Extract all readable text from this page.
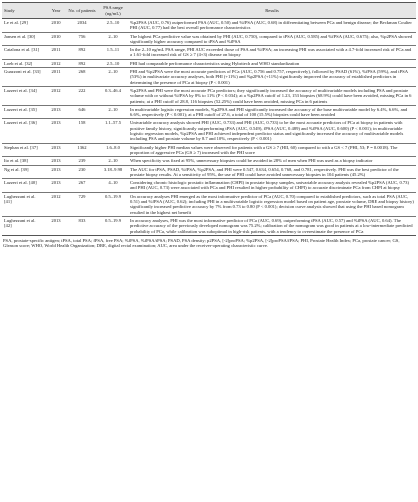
Study	Year	No. of patients	PSA range (ng/mL)	Results
Le et al. [29]	2010	2034	2.5–10	%p2PSA (AUC, 0.76) outperformed PSA (AUC, 0.50) and %fPSA (AUC, 0.68) in differentiating between PCa and benign disease; the Beckman Coulter PHI (AUC, 0.77) had the best overall performance characteristics
Jansen et al. [30]	2010	756	2–10	The highest PCa predictive value was obtained by PHI (AUC, 0.750), compared to tPSA (AUC, 0.585) and %fPSA (AUC, 0.675); also, %p2PSA showed significantly higher accuracy compared to tPSA and %fPSA
Catalona et al. [31]	2011	892	1.5–11	In the 2–10 ng/mL PSA range, PHI AUC exceeded those of PSA and %fPSA; an increasing PHI was associated with a 4.7-fold increased risk of PCa and a 1.61-fold increased risk of GS ≥ 7 (4+3) disease on biopsy
Loeb et al. [32]	2012	892	2.5–10	PHI had comparable performance characteristics using Hybritech and WHO standardization
Guazzoni et al. [33]	2011	268	2–10	PHI and %p2PSA were the most accurate predictors of PCa (AUC, 0.756 and 0.757, respectively), followed by PSAD (61%), %fPSA (59%), and tPSA (53%) in multivariate accuracy analyses, both PHI (+11%) and %p2PSA (+11%) significantly improved the accuracy of established predictors in determining the presence of PCa at biopsy (P < 0.001)
Lazzeri et al. [34]	2012	222	0.3–46.4	%p2PSA and PHI were the most accurate PCa predictors; they significantly increased the accuracy of multivariable models including PSA and prostate volume with or without %fPSA by 8% to 11% (P < 0.034); at a %p2PSA cutoff of 1.23, 153 biopsies (68.9%) could have been avoided, missing PCa in 6 patients; at a PHI cutoff of 28.8, 116 biopsies (52.25%) could have been avoided, missing PCa in 6 patients
Lazzeri et al. [35]	2013	646	2–10	In multivariable logistic regression models, %p2PSA and PHI significantly increased the accuracy of the base multivariable model by 6.4%, 6.6%, and 6.6%, respectively (P < 0.001); at a PHI cutoff of 27.6, a total of 100 (15.5%) biopsies could have been avoided
Lazzeri et al. [36]	2013	158	1.1–57.5	Univariable accuracy analysis showed PHI (AUC, 0.733) and PHI (AUC, 0.733) to be the most accurate predictors of PCa at biopsy in patients with positive family history, significantly outperforming tPSA (AUC, 0.549), fPSA (AUC, 0.489) and %fPSA (AUC, 0.600) (P < 0.001); in multivariable logistic regression models, %p2PSA and PHI achieved independent predictor status and significantly increased the accuracy of multivariable models including PSA and prostate volume by 8.7 and 10%, respectively (P < 0.001)
Stephan et al. [37]	2013	1362	1.6–8.0	Significantly higher PHI median values were observed for patients with a GS ≥ 7 (HII, 60) compared to with a GS < 7 (PHI, 53; P = 0.0018). The proportion of aggressive PCa (GS ≥ 7) increased with the PHI score
Ito et al. [38]	2013	239	2–10	When specificity was fixed at 95%, unnecessary biopsies could be avoided in 28% of men when PHI was used as a biopsy indicator
Ng et al. [39]	2013	230	3.18–9.98	The AUC for tPSA, PSAD, %fPSA, %p2PSA, and PHI were 0.547, 0.634, 0.654, 0.768, and 0.781, respectively. PHI was the best predictor of the prostate biopsy results. At a sensitivity of 95%, the use of PHI could have avoided unnecessary biopsies in 104 patients (45.2%)
Lazzeri et al. [40]	2013	267	4–10	Considering chronic histologic prostatic inflammation (CHPI) in prostate biopsy samples, univariable accuracy analysis revealed %p2PSA (AUC, 0.73) and PHI (AUC, 0.73) were associated with PCa and PHI resulted in higher probability of CHPI) to accurate discriminate PCa from CHPI at biopsy
Lughezzani et al. [41]	2012	729	0.5–19.9	On accuracy analyses PHI emerged as the most informative predictor of PCa (AUC, 0.70) compared to established predictors, such as total PSA (AUC, 0.51) and %fPSA (AUC, 0.62); including PHI in a multivariable logistic regression model based on patient age, prostate volume, DRE and biopsy history) significantly increased predictive accuracy by 7% from 0.73 to 0.80 (P < 0.001); decision curve analysis showed that using the PHI based nomogram resulted in the highest net benefit
Lughezzani et al. [42]	2013	833	0.5–19.9	In accuracy analyses, PHI was the most informative predictor of PCa (AUC, 0.69), outperforming tPSA (AUC, 0.57) and %fPSA (AUC, 0.64). The predictive accuracy of the previously developed nomogram was 75.2%; calibration of the nomogram was good in patients at a low-intermediate predicted probability of PCa, while calibration was suboptimal in high-risk patients, with a tendency to overestimate the presence of PCa
PSA, prostate-specific antigen; tPSA, total PSA; fPSA, free PSA; %fPSA, %fPSA/tPSA; PSAD, PSA density; p2PSA, [-2]proPSA; %p2PSA, [-2]proPSA/fPSA; PHI, Prostate Health Index; PCa, prostate cancer; GS, Gleason score; WHO, World Health Organization; DRE, digital rectal examination; AUC, area under the receiver-operating characteristic curve.
